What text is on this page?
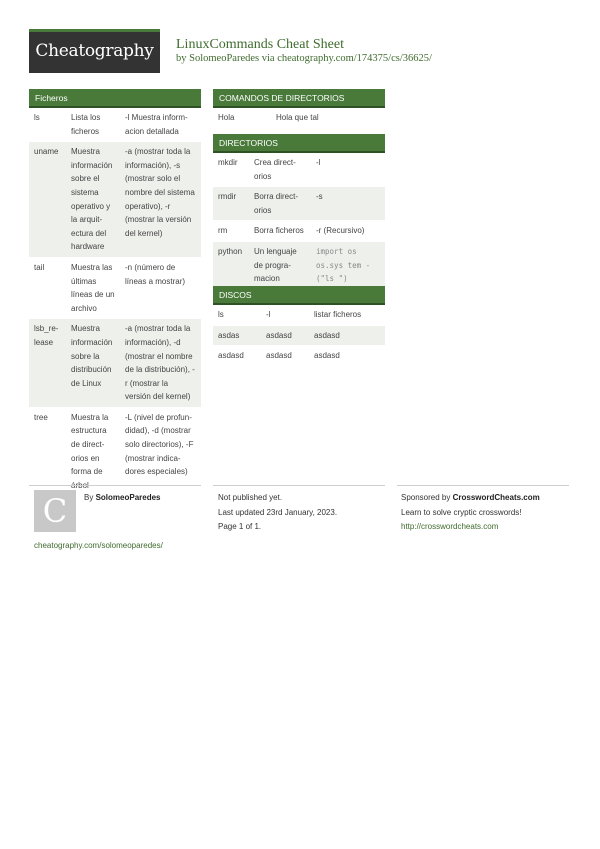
Cheatography	LinuxCommands Cheat Sheet
by SolomeoParedes via cheatography.com/174375/cs/36625/
Ficheros
ls	Lista los ficheros	-l Muestra informacion detallada
uname	Muestra información sobre el sistema operativo y la arquitectura del hardware	-a (mostrar toda la información), -s (mostrar solo el nombre del sistema operativo), -r (mostrar la versión del kernel)
tail	Muestra las últimas líneas de un archivo	-n (número de líneas a mostrar)
lsb_release	Muestra información sobre la distribución de Linux	-a (mostrar toda la información), -d (mostrar el nombre de la distribución), -r (mostrar la versión del kernel)
tree	Muestra la estructura de directorios en forma de	-L (nivel de profundidad), -d (mostrar solo directorios), -F (mostrar indicadores especiales)
COMANDOS DE DIRECTORIOS
Hola	Hola que tal
DIRECTORIOS
mkdir	Crea directorios	-l
rmdir	Borra directorios	-s
rm	Borra ficheros	-r (Recursivo)
python	Un lenguaje de programacion	import os os.sys tem - ("ls ")
DISCOS
ls	-l	listar ficheros
asdas	asdasd	asdasd
asdasd	asdasd	asdasd
C	By SolomeoParedes
cheatography.com/solomeoparedes/
Not published yet.
Last updated 23rd January, 2023.
Page 1 of 1.
Sponsored by CrosswordCheats.com
Learn to solve cryptic crosswords!
http://crosswordcheats.com
